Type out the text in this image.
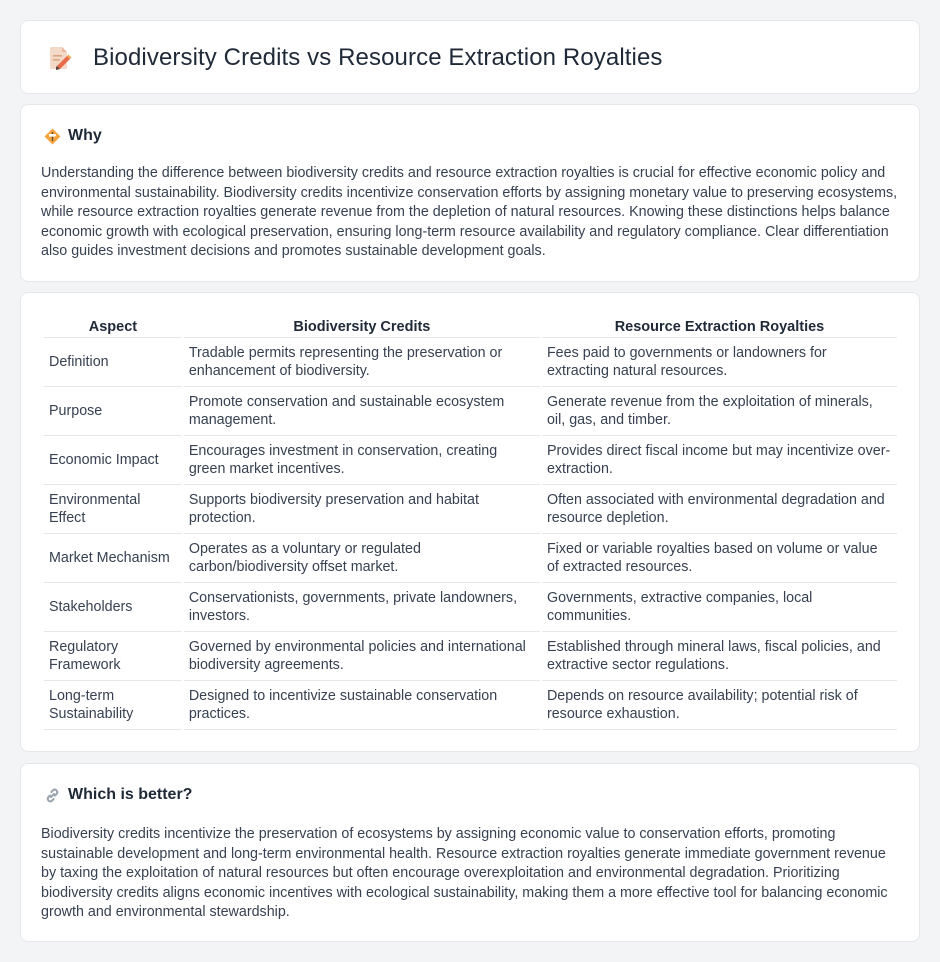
Biodiversity Credits vs Resource Extraction Royalties
Why

Understanding the difference between biodiversity credits and resource extraction royalties is crucial for effective economic policy and environmental sustainability. Biodiversity credits incentivize conservation efforts by assigning monetary value to preserving ecosystems, while resource extraction royalties generate revenue from the depletion of natural resources. Knowing these distinctions helps balance economic growth with ecological preservation, ensuring long-term resource availability and regulatory compliance. Clear differentiation also guides investment decisions and promotes sustainable development goals.

Aspect	Biodiversity Credits	Resource Extraction Royalties
Definition	Tradable permits representing the preservation or enhancement of biodiversity.	Fees paid to governments or landowners for extracting natural resources.
Purpose	Promote conservation and sustainable ecosystem management.	Generate revenue from the exploitation of minerals, oil, gas, and timber.
Economic Impact	Encourages investment in conservation, creating green market incentives.	Provides direct fiscal income but may incentivize over-extraction.
Environmental Effect	Supports biodiversity preservation and habitat protection.	Often associated with environmental degradation and resource depletion.
Market Mechanism	Operates as a voluntary or regulated carbon/biodiversity offset market.	Fixed or variable royalties based on volume or value of extracted resources.
Stakeholders	Conservationists, governments, private landowners, investors.	Governments, extractive companies, local communities.
Regulatory Framework	Governed by environmental policies and international biodiversity agreements.	Established through mineral laws, fiscal policies, and extractive sector regulations.
Long-term Sustainability	Designed to incentivize sustainable conservation practices.	Depends on resource availability; potential risk of resource exhaustion.
Which is better?

Biodiversity credits incentivize the preservation of ecosystems by assigning economic value to conservation efforts, promoting sustainable development and long-term environmental health. Resource extraction royalties generate immediate government revenue by taxing the exploitation of natural resources but often encourage overexploitation and environmental degradation. Prioritizing biodiversity credits aligns economic incentives with ecological sustainability, making them a more effective tool for balancing economic growth and environmental stewardship.
